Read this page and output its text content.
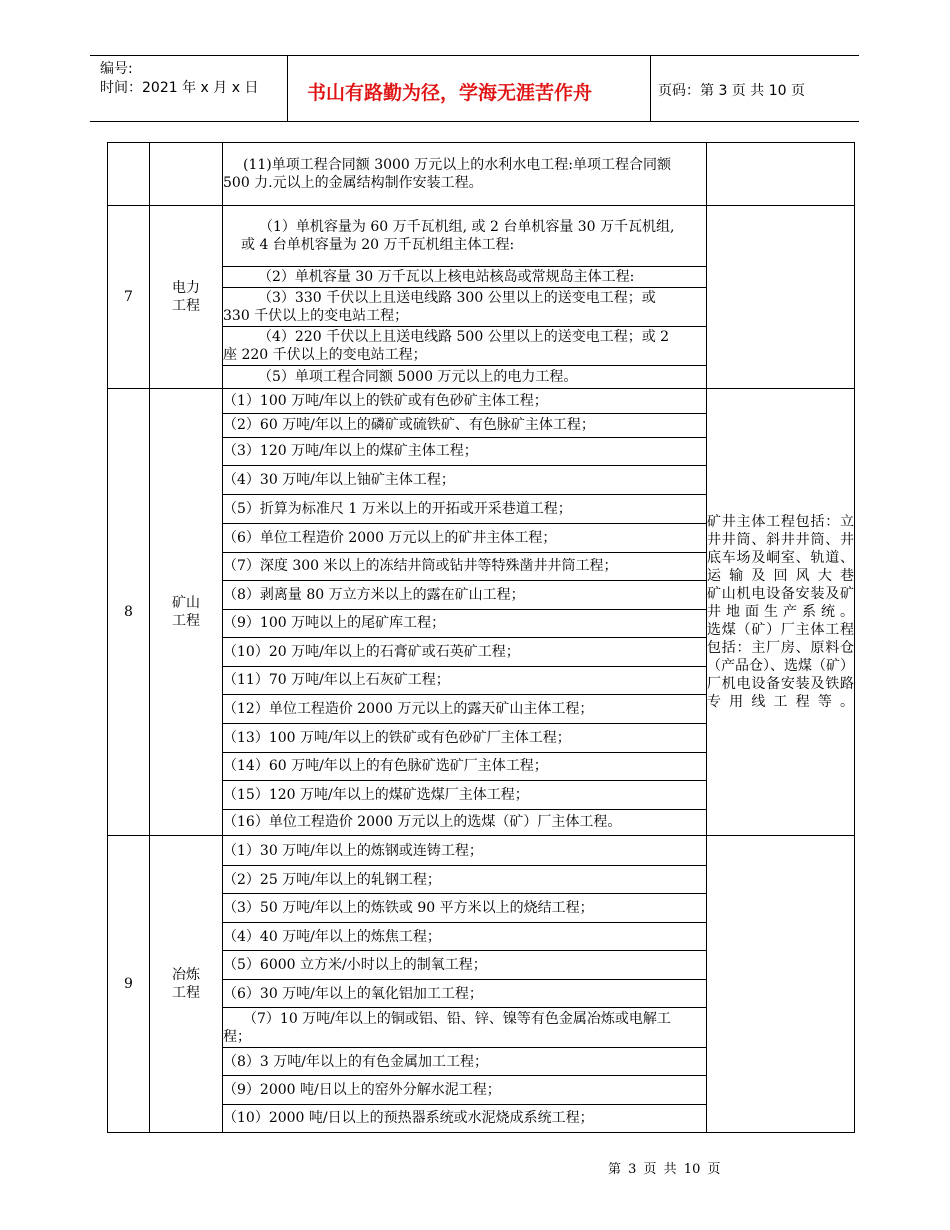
编号:
时间：2021 年 x 月 x 日	书山有路勤为径，学海无涯苦作舟	页码：第 3 页 共 10 页

(11)单项工程合同额 3000 万元以上的水利水电工程:单项工程合同额 500 力.元以上的金属结构制作安装工程。

7	电力工程	
（1）单机容量为 60 万千瓦机组, 或 2 台单机容量 30 万千瓦机组, 或 4 台单机容量为 20 万千瓦机组主体工程:
（2）单机容量 30 万千瓦以上核电站核岛或常规岛主体工程:
（3）330 千伏以上且送电线路 300 公里以上的送变电工程；或 330 千伏以上的变电站工程；
（4）220 千伏以上且送电线路 500 公里以上的送变电工程；或 2 座 220 千伏以上的变电站工程；
（5）单项工程合同额 5000 万元以上的电力工程。

8	矿山工程	
（1）100 万吨/年以上的铁矿或有色砂矿主体工程；
（2）60 万吨/年以上的磷矿或硫铁矿、有色脉矿主体工程；
（3）120 万吨/年以上的煤矿主体工程；
（4）30 万吨/年以上铀矿主体工程；
（5）折算为标准尺 1 万米以上的开拓或开采巷道工程；
（6）单位工程造价 2000 万元以上的矿井主体工程；
（7）深度 300 米以上的冻结井筒或钻井等特殊凿井井筒工程；
（8）剥离量 80 万立方米以上的露在矿山工程；
（9）100 万吨以上的尾矿库工程；
（10）20 万吨/年以上的石膏矿或石英矿工程；
（11）70 万吨/年以上石灰矿工程；
（12）单位工程造价 2000 万元以上的露天矿山主体工程；
（13）100 万吨/年以上的铁矿或有色砂矿厂主体工程；
（14）60 万吨/年以上的有色脉矿选矿厂主体工程；
（15）120 万吨/年以上的煤矿选煤厂主体工程；
（16）单位工程造价 2000 万元以上的选煤（矿）厂主体工程。

矿井主体工程包括：立井井筒、斜井井筒、井底车场及峒室、轨道、运输及回风大巷
矿山机电设备安装及矿井地面生产系统。
选煤（矿）厂主体工程包括：主厂房、原料仓（产品仓）、选煤（矿）厂机电设备安装及铁路专用线工程等。

9	冶炼工程	
（1）30 万吨/年以上的炼钢或连铸工程；
（2）25 万吨/年以上的轧钢工程；
（3）50 万吨/年以上的炼铁或 90 平方米以上的烧结工程；
（4）40 万吨/年以上的炼焦工程；
（5）6000 立方米/小时以上的制氧工程；
（6）30 万吨/年以上的氧化铝加工工程；
（7）10 万吨/年以上的铜或铝、铅、锌、镍等有色金属冶炼或电解工程；
（8）3 万吨/年以上的有色金属加工工程；
（9）2000 吨/日以上的窑外分解水泥工程；
（10）2000 吨/日以上的预热器系统或水泥烧成系统工程；

第 3 页 共 10 页
